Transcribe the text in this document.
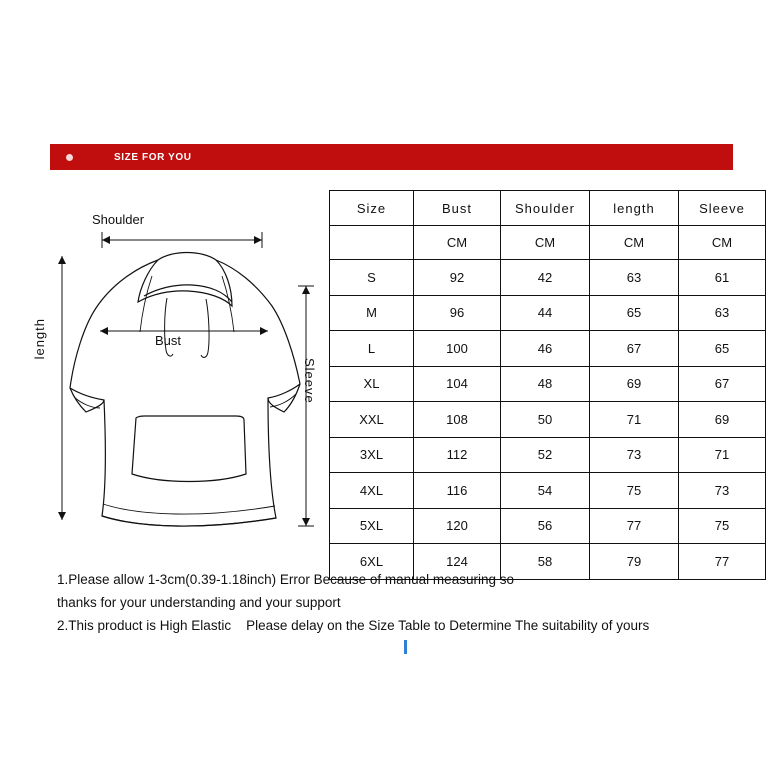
SIZE FOR YOU
Shoulder
Bust
length
Sleeve
Size	Bust	Shoulder	length	Sleeve
	CM	CM	CM	CM
S	92	42	63	61
M	96	44	65	63
L	100	46	67	65
XL	104	48	69	67
XXL	108	50	71	69
3XL	112	52	73	71
4XL	116	54	75	73
5XL	120	56	77	75
6XL	124	58	79	77
1.Please allow 1-3cm(0.39-1.18inch) Error Because of manual measuring so
thanks for your understanding and your support
2.This product is High Elastic    Please delay on the Size Table to Determine The suitability of yours
